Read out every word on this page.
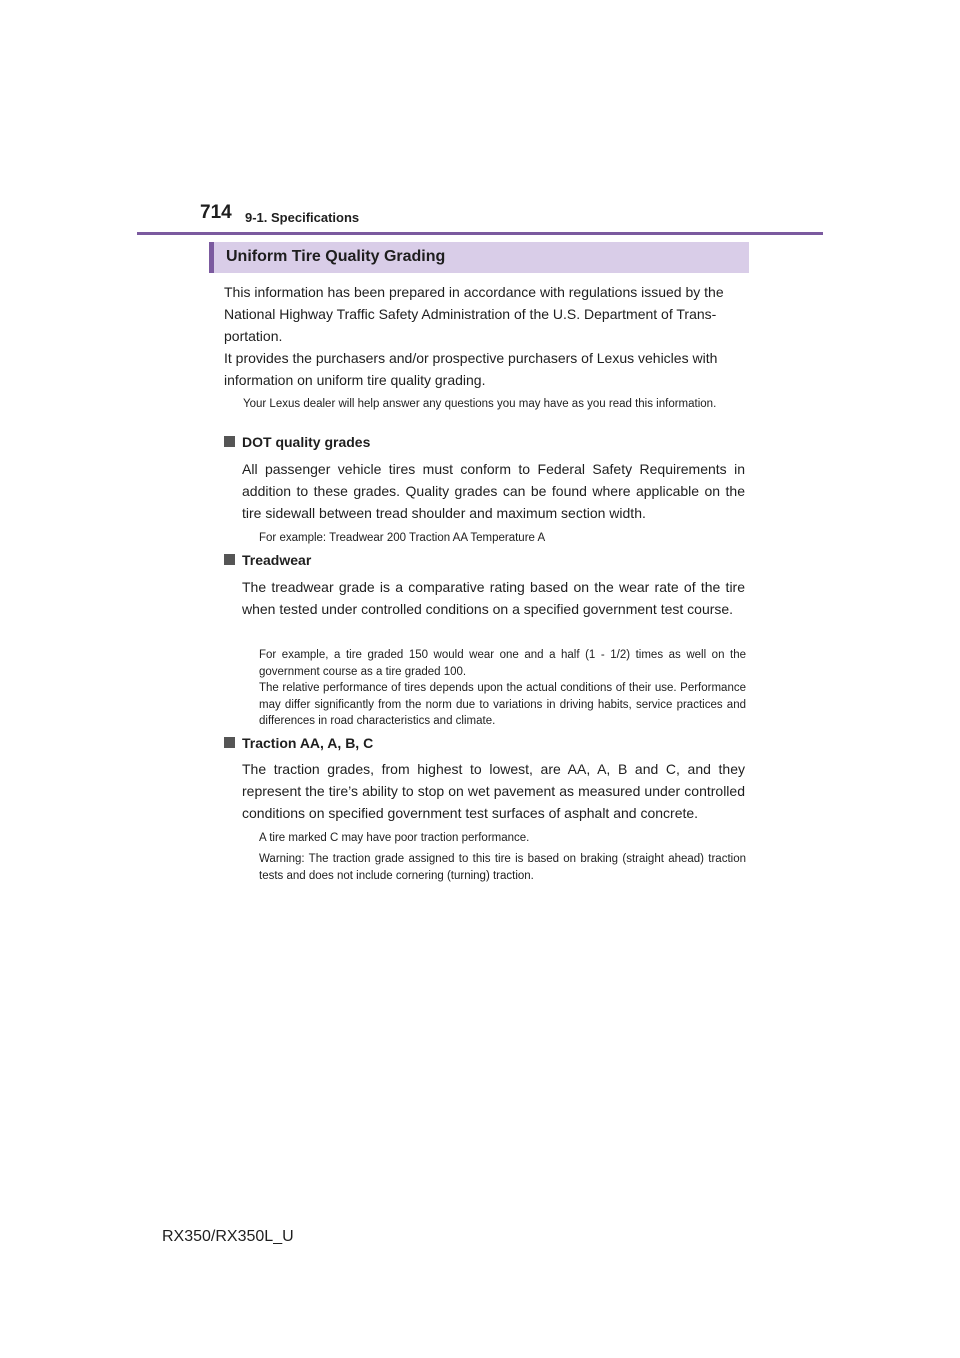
714 9-1. Specifications
Uniform Tire Quality Grading
This information has been prepared in accordance with regulations issued by the
National Highway Traffic Safety Administration of the U.S. Department of Trans-
portation.
It provides the purchasers and/or prospective purchasers of Lexus vehicles with
information on uniform tire quality grading.
Your Lexus dealer will help answer any questions you may have as you read this information.
DOT quality grades
All passenger vehicle tires must conform to Federal Safety Requirements in addition to these grades. Quality grades can be found where applicable on the tire sidewall between tread shoulder and maximum section width.
For example: Treadwear 200 Traction AA Temperature A
Treadwear
The treadwear grade is a comparative rating based on the wear rate of the tire when tested under controlled conditions on a specified government test course.
For example, a tire graded 150 would wear one and a half (1 - 1/2) times as well on the government course as a tire graded 100.
The relative performance of tires depends upon the actual conditions of their use. Performance may differ significantly from the norm due to variations in driving habits, service practices and differences in road characteristics and climate.
Traction AA, A, B, C
The traction grades, from highest to lowest, are AA, A, B and C, and they represent the tire’s ability to stop on wet pavement as measured under controlled conditions on specified government test surfaces of asphalt and concrete.
A tire marked C may have poor traction performance.
Warning: The traction grade assigned to this tire is based on braking (straight ahead) traction tests and does not include cornering (turning) traction.
RX350/RX350L_U
